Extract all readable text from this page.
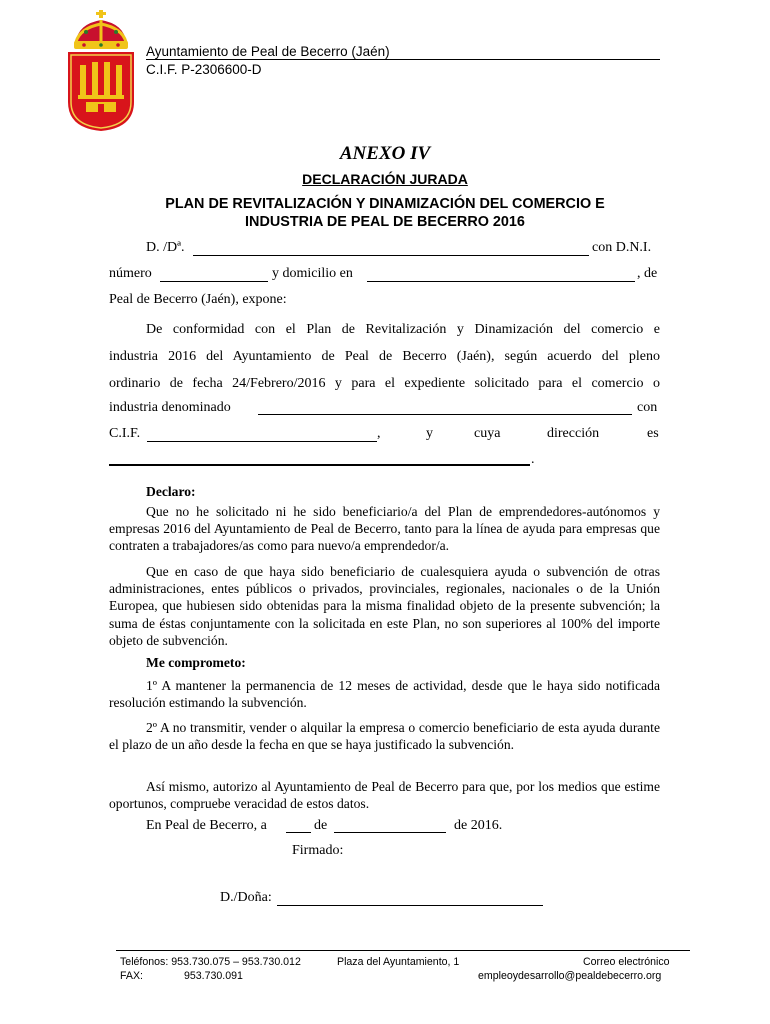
Ayuntamiento de Peal de Becerro (Jaén)
C.I.F. P-2306600-D
ANEXO IV
DECLARACIÓN JURADA
PLAN DE REVITALIZACIÓN Y DINAMIZACIÓN DEL COMERCIO E
INDUSTRIA DE PEAL DE BECERRO 2016
D. /Dª.	con D.N.I.
número	y domicilio en	, de
Peal de Becerro (Jaén), expone:
De conformidad con el Plan de Revitalización y Dinamización del comercio e
industria 2016 del Ayuntamiento de Peal de Becerro (Jaén), según acuerdo del pleno
ordinario de fecha 24/Febrero/2016 y para el expediente solicitado para el comercio o
industria denominado	con
C.I.F.	,	y	cuya	dirección	es
.
Declaro:

Que no he solicitado ni he sido beneficiario/a del Plan de emprendedores-autónomos y empresas 2016 del Ayuntamiento de Peal de Becerro, tanto para la línea de ayuda para empresas que contraten a trabajadores/as como para nuevo/a emprendedor/a.

Que en caso de que haya sido beneficiario de cualesquiera ayuda o subvención de otras administraciones, entes públicos o privados, provinciales, regionales, nacionales o de la Unión Europea, que hubiesen sido obtenidas para la misma finalidad objeto de la presente subvención; la suma de éstas conjuntamente con la solicitada en este Plan, no son superiores al 100% del importe objeto de subvención.

Me comprometo:

1º A mantener la permanencia de 12 meses de actividad, desde que le haya sido notificada resolución estimando la subvención.

2º A no transmitir, vender o alquilar la empresa o comercio beneficiario de esta ayuda durante el plazo de un año desde la fecha en que se haya justificado la subvención.

Así mismo, autorizo al Ayuntamiento de Peal de Becerro para que, por los medios que estime oportunos, compruebe veracidad de estos datos.

En Peal de Becerro, a	de	de 2016.
Firmado:
D./Doña:
Teléfonos: 953.730.075 – 953.730.012
FAX:	953.730.091
Plaza del Ayuntamiento, 1	Correo electrónico
empleoydesarrollo@pealdebecerro.org
